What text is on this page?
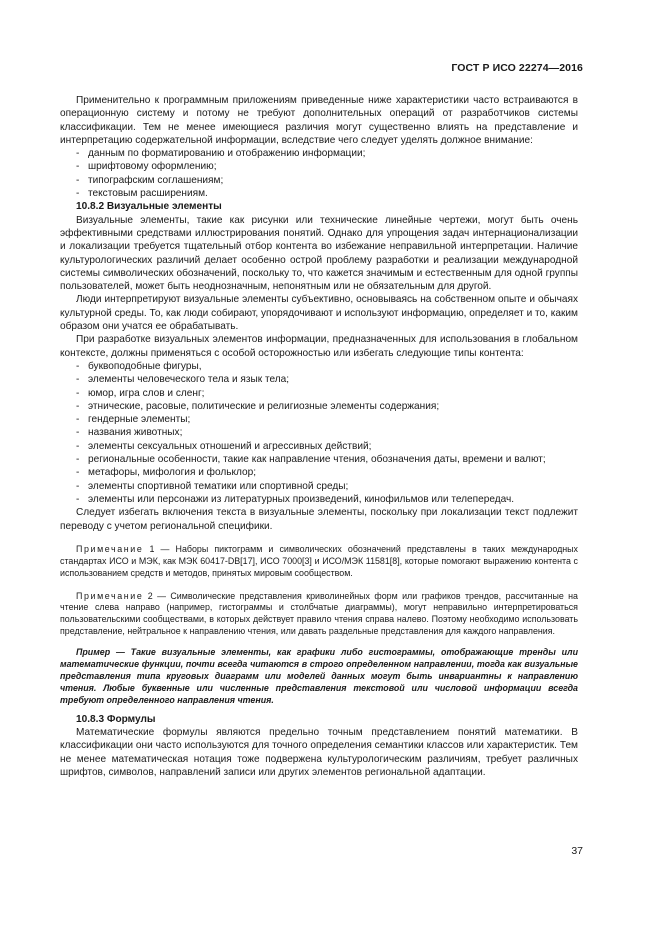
ГОСТ Р ИСО 22274—2016

Применительно к программным приложениям приведенные ниже характеристики часто встраиваются в операционную систему и потому не требуют дополнительных операций от разработчиков системы классификации. Тем не менее имеющиеся различия могут существенно влиять на представление и интерпретацию содержательной информации, вследствие чего следует уделять должное внимание:

- данным по форматированию и отображению информации;
- шрифтовому оформлению;
- типографским соглашениям;
- текстовым расширениям.

10.8.2 Визуальные элементы

Визуальные элементы, такие как рисунки или технические линейные чертежи, могут быть очень эффективными средствами иллюстрирования понятий. Однако для упрощения задач интернационализации и локализации требуется тщательный отбор контента во избежание неправильной интерпретации. Наличие культурологических различий делает особенно острой проблему разработки и реализации международной системы символических обозначений, поскольку то, что кажется значимым и естественным для одной группы пользователей, может быть неоднозначным, непонятным или не обязательным для другой.

Люди интерпретируют визуальные элементы субъективно, основываясь на собственном опыте и обычаях культурной среды. То, как люди собирают, упорядочивают и используют информацию, определяет и то, каким образом они учатся ее обрабатывать.

При разработке визуальных элементов информации, предназначенных для использования в глобальном контексте, должны применяться с особой осторожностью или избегать следующие типы контента:

- буквоподобные фигуры,
- элементы человеческого тела и язык тела;
- юмор, игра слов и сленг;
- этнические, расовые, политические и религиозные элементы содержания;
- гендерные элементы;
- названия животных;
- элементы сексуальных отношений и агрессивных действий;
- региональные особенности, такие как направление чтения, обозначения даты, времени и валют;
- метафоры, мифология и фольклор;
- элементы спортивной тематики или спортивной среды;
- элементы или персонажи из литературных произведений, кинофильмов или телепередач.

Следует избегать включения текста в визуальные элементы, поскольку при локализации текст подлежит переводу с учетом региональной специфики.

Примечание 1 — Наборы пиктограмм и символических обозначений представлены в таких международных стандартах ИСО и МЭК, как МЭК 60417-DB[17], ИСО 7000[3] и ИСО/МЭК 11581[8], которые помогают выражению контента с использованием средств и методов, принятых мировым сообществом.

Примечание 2 — Символические представления криволинейных форм или графиков трендов, рассчитанные на чтение слева направо (например, гистограммы и столбчатые диаграммы), могут неправильно интерпретироваться пользовательскими сообществами, в которых действует правило чтения справа налево. Поэтому необходимо использовать представление, нейтральное к направлению чтения, или давать раздельные представления для каждого направления.

Пример — Такие визуальные элементы, как графики либо гистограммы, отображающие тренды или математические функции, почти всегда читаются в строго определенном направлении, тогда как визуальные представления типа круговых диаграмм или моделей данных могут быть инвариантны к направлению чтения. Любые буквенные или численные представления текстовой или числовой информации всегда требуют определенного направления чтения.

10.8.3 Формулы

Математические формулы являются предельно точным представлением понятий математики. В классификации они часто используются для точного определения семантики классов или характеристик. Тем не менее математическая нотация тоже подвержена культурологическим различиям, требует различных шрифтов, символов, направлений записи или других элементов региональной адаптации.

37
